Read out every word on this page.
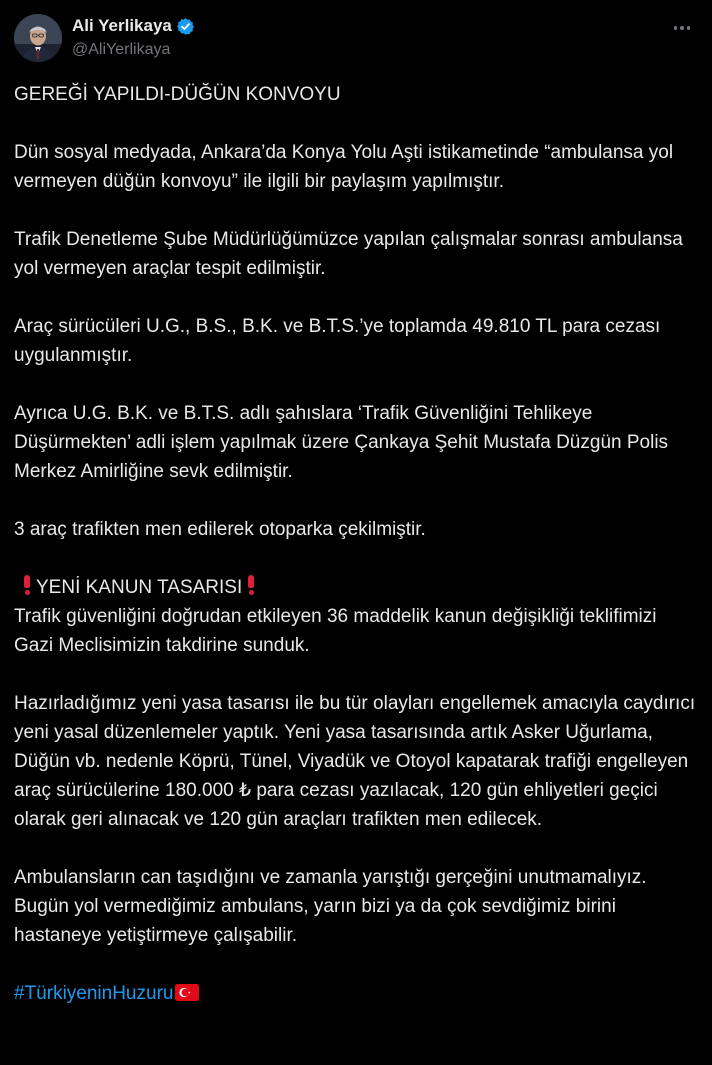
Ali Yerlikaya
@AliYerlikaya

GEREĞİ YAPILDI-DÜĞÜN KONVOYU

Dün sosyal medyada, Ankara’da Konya Yolu Aşti istikametinde “ambulansa yol vermeyen düğün konvoyu” ile ilgili bir paylaşım yapılmıştır.

Trafik Denetleme Şube Müdürlüğümüzce yapılan çalışmalar sonrası ambulansa yol vermeyen araçlar tespit edilmiştir.

Araç sürücüleri U.G., B.S., B.K. ve B.T.S.’ye toplamda 49.810 TL para cezası uygulanmıştır.

Ayrıca U.G. B.K. ve B.T.S. adlı şahıslara ‘Trafik Güvenliğini Tehlikeye Düşürmekten’ adli işlem yapılmak üzere Çankaya Şehit Mustafa Düzgün Polis Merkez Amirliğine sevk edilmiştir.

3 araç trafikten men edilerek otoparka çekilmiştir.

YENİ KANUN TASARISI

Trafik güvenliğini doğrudan etkileyen 36 maddelik kanun değişikliği teklifimizi Gazi Meclisimizin takdirine sunduk.

Hazırladığımız yeni yasa tasarısı ile bu tür olayları engellemek amacıyla caydırıcı yeni yasal düzenlemeler yaptık. Yeni yasa tasarısında artık Asker Uğurlama, Düğün vb. nedenle Köprü, Tünel, Viyadük ve Otoyol kapatarak trafiği engelleyen araç sürücülerine 180.000 ₺ para cezası yazılacak, 120 gün ehliyetleri geçici olarak geri alınacak ve 120 gün araçları trafikten men edilecek.

Ambulansların can taşıdığını ve zamanla yarıştığı gerçeğini unutmamalıyız. Bugün yol vermediğimiz ambulans, yarın bizi ya da çok sevdiğimiz birini hastaneye yetiştirmeye çalışabilir.

#TürkiyeninHuzuru
